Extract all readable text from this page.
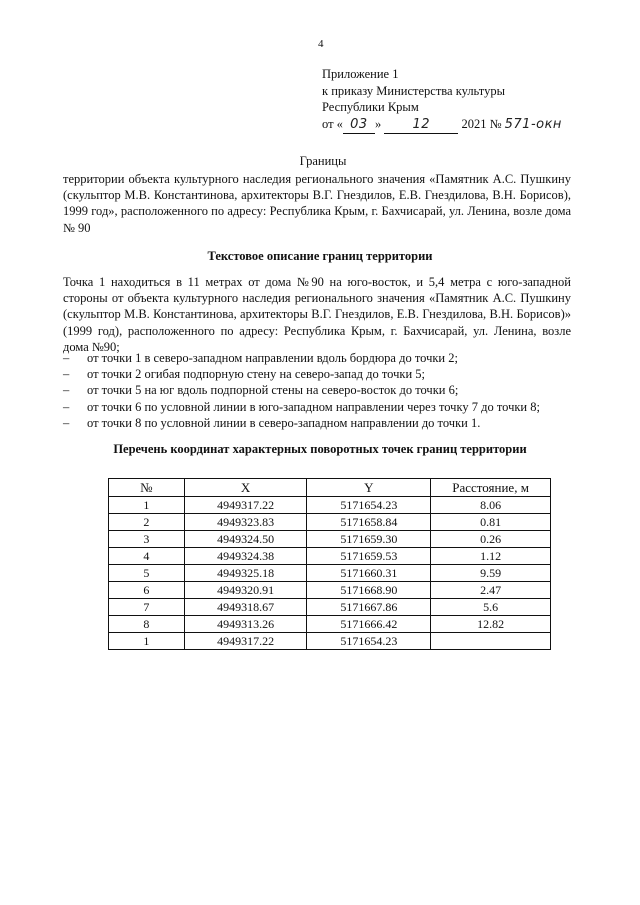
4
Приложение 1
к приказу Министерства культуры
Республики Крым
от « 03 » 12	2021 № 571-окн
Границы
территории объекта культурного наследия регионального значения «Памятник А.С. Пушкину (скульптор М.В. Константинова, архитекторы В.Г. Гнездилов, Е.В. Гнездилова, В.Н. Борисов), 1999 год», расположенного по адресу: Республика Крым, г. Бахчисарай, ул. Ленина, возле дома № 90
Текстовое описание границ территории
Точка 1 находиться в 11 метрах от дома №90 на юго-восток, и 5,4 метра с юго-западной стороны от объекта культурного наследия регионального значения «Памятник А.С. Пушкину (скульптор М.В. Константинова, архитекторы В.Г. Гнездилов, Е.В. Гнездилова, В.Н. Борисов)» (1999 год), расположенного по адресу: Республика Крым, г. Бахчисарай, ул. Ленина, возле дома №90;
– от точки 1 в северо-западном направлении вдоль бордюра до точки 2;
– от точки 2 огибая подпорную стену на северо-запад до точки 5;
– от точки 5 на юг вдоль подпорной стены на северо-восток до точки 6;
– от точки 6 по условной линии в юго-западном направлении через точку 7 до точки 8;
– от точки 8 по условной линии в северо-западном направлении до точки 1.
Перечень координат характерных поворотных точек границ территории
№	X	Y	Расстояние, м
1	4949317.22	5171654.23	8.06
2	4949323.83	5171658.84	0.81
3	4949324.50	5171659.30	0.26
4	4949324.38	5171659.53	1.12
5	4949325.18	5171660.31	9.59
6	4949320.91	5171668.90	2.47
7	4949318.67	5171667.86	5.6
8	4949313.26	5171666.42	12.82
1	4949317.22	5171654.23	
